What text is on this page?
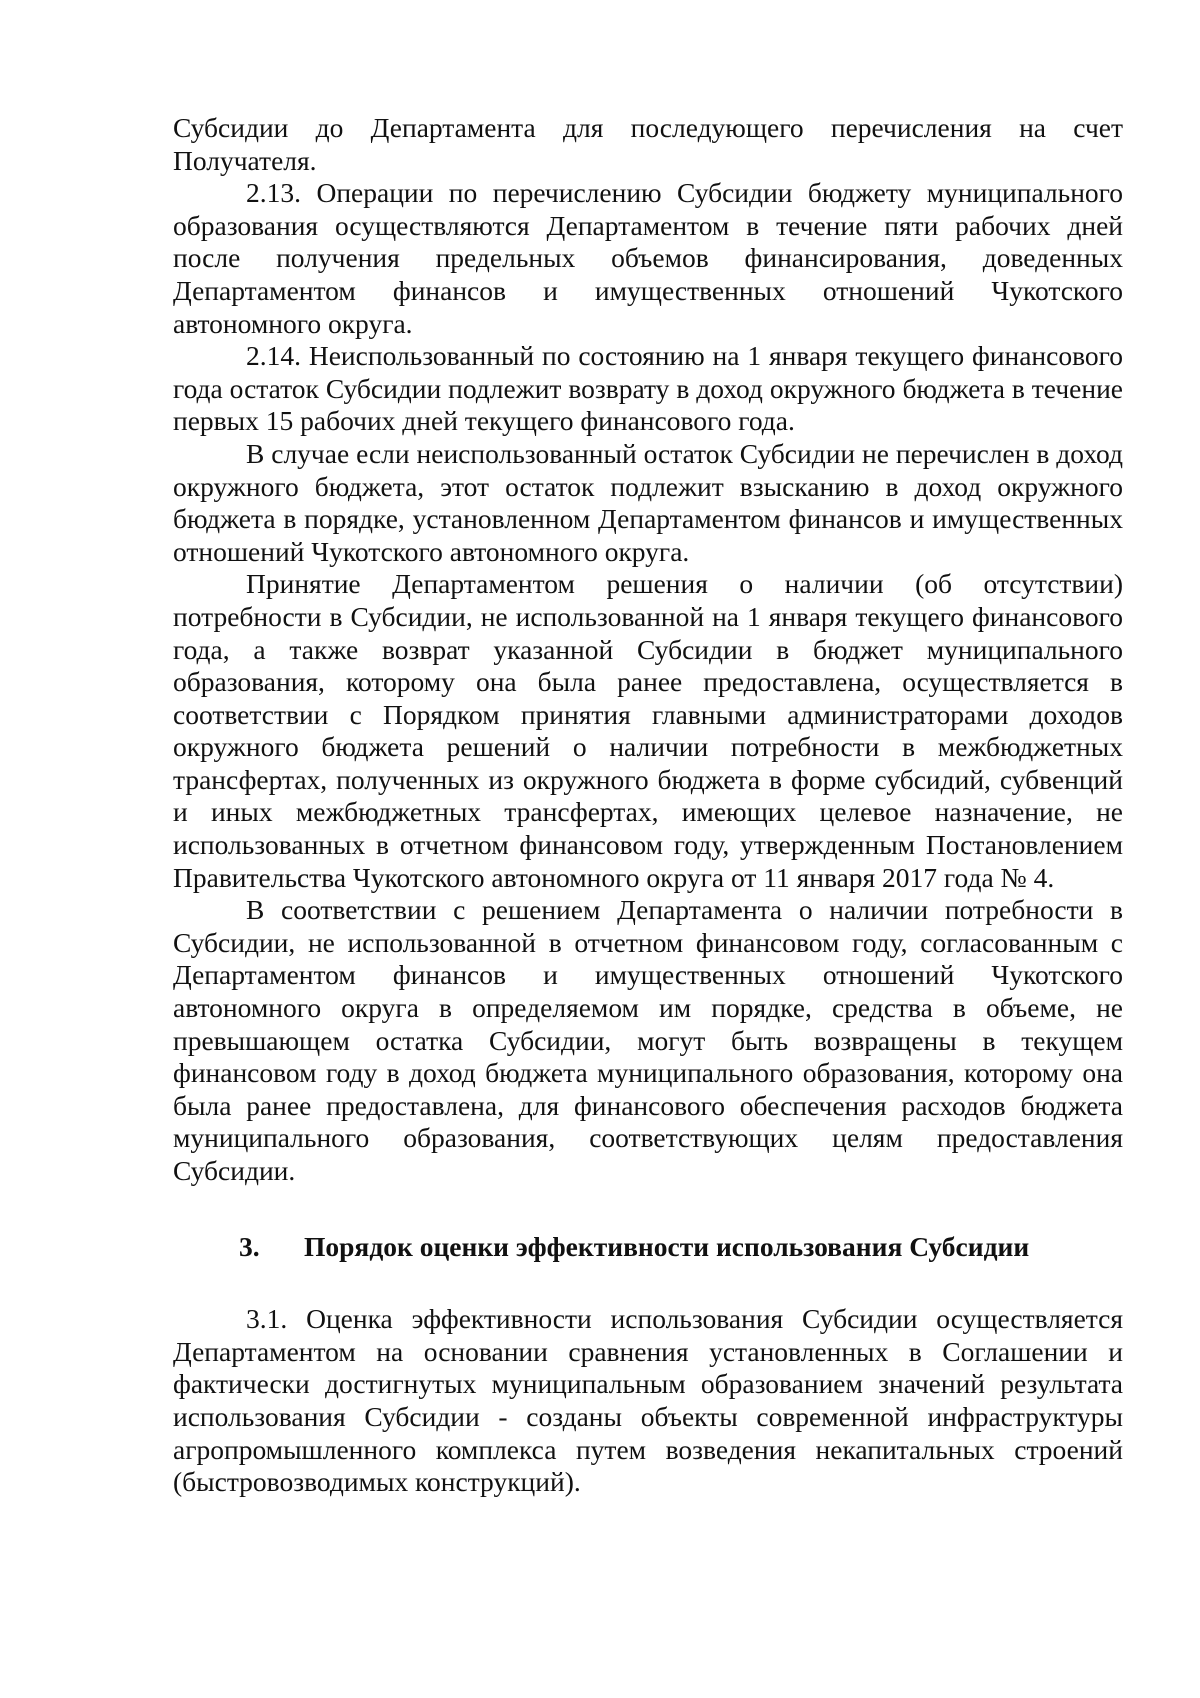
Субсидии до Департамента для последующего перечисления на счет Получателя.

2.13. Операции по перечислению Субсидии бюджету муниципального образования осуществляются Департаментом в течение пяти рабочих дней после получения предельных объемов финансирования, доведенных Департаментом финансов и имущественных отношений Чукотского автономного округа.

2.14. Неиспользованный по состоянию на 1 января текущего финансового года остаток Субсидии подлежит возврату в доход окружного бюджета в течение первых 15 рабочих дней текущего финансового года.

В случае если неиспользованный остаток Субсидии не перечислен в доход окружного бюджета, этот остаток подлежит взысканию в доход окружного бюджета в порядке, установленном Департаментом финансов и имущественных отношений Чукотского автономного округа.

Принятие Департаментом решения о наличии (об отсутствии) потребности в Субсидии, не использованной на 1 января текущего финансового года, а также возврат указанной Субсидии в бюджет муниципального образования, которому она была ранее предоставлена, осуществляется в соответствии с Порядком принятия главными администраторами доходов окружного бюджета решений о наличии потребности в межбюджетных трансфертах, полученных из окружного бюджета в форме субсидий, субвенций и иных межбюджетных трансфертах, имеющих целевое назначение, не использованных в отчетном финансовом году, утвержденным Постановлением Правительства Чукотского автономного округа от 11 января 2017 года № 4.

В соответствии с решением Департамента о наличии потребности в Субсидии, не использованной в отчетном финансовом году, согласованным с Департаментом финансов и имущественных отношений Чукотского автономного округа в определяемом им порядке, средства в объеме, не превышающем остатка Субсидии, могут быть возвращены в текущем финансовом году в доход бюджета муниципального образования, которому она была ранее предоставлена, для финансового обеспечения расходов бюджета муниципального образования, соответствующих целям предоставления Субсидии.

3. Порядок оценки эффективности использования Субсидии

3.1. Оценка эффективности использования Субсидии осуществляется Департаментом на основании сравнения установленных в Соглашении и фактически достигнутых муниципальным образованием значений результата использования Субсидии - созданы объекты современной инфраструктуры агропромышленного комплекса путем возведения некапитальных строений (быстровозводимых конструкций).
